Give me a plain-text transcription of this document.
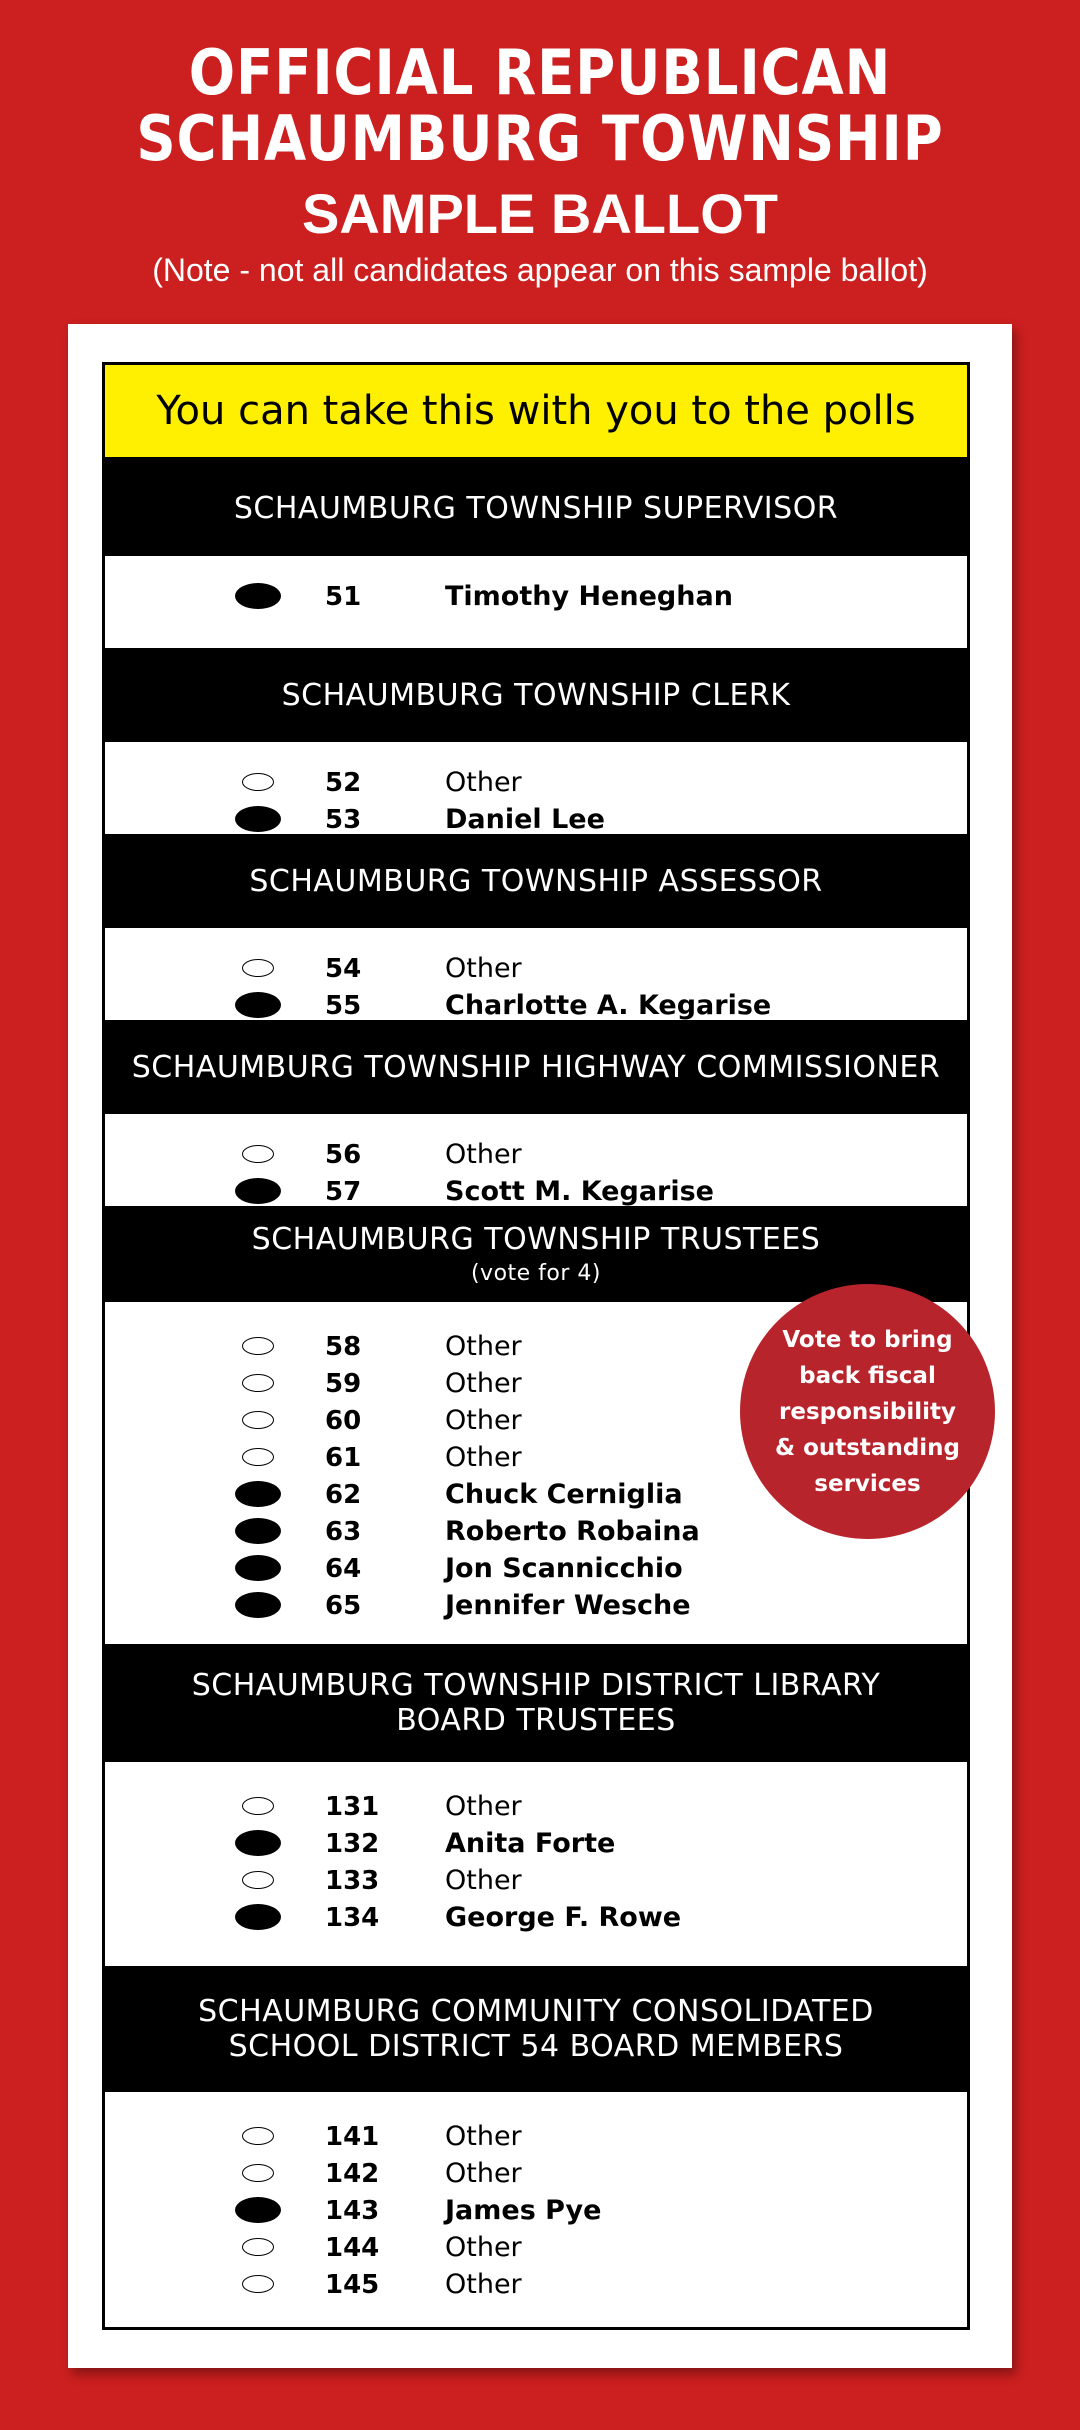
OFFICIAL REPUBLICAN
SCHAUMBURG TOWNSHIP
SAMPLE BALLOT
(Note - not all candidates appear on this sample ballot)
You can take this with you to the polls
SCHAUMBURG TOWNSHIP SUPERVISOR
51	Timothy Heneghan
SCHAUMBURG TOWNSHIP CLERK
52	Other
53	Daniel Lee
SCHAUMBURG TOWNSHIP ASSESSOR
54	Other
55	Charlotte A. Kegarise
SCHAUMBURG TOWNSHIP HIGHWAY COMMISSIONER
56	Other
57	Scott M. Kegarise
SCHAUMBURG TOWNSHIP TRUSTEES
(vote for 4)
58	Other
59	Other
60	Other
61	Other
62	Chuck Cerniglia
63	Roberto Robaina
64	Jon Scannicchio
65	Jennifer Wesche
SCHAUMBURG TOWNSHIP DISTRICT LIBRARY
BOARD TRUSTEES
131	Other
132	Anita Forte
133	Other
134	George F. Rowe
SCHAUMBURG COMMUNITY CONSOLIDATED
SCHOOL DISTRICT 54 BOARD MEMBERS
141	Other
142	Other
143	James Pye
144	Other
145	Other
Vote to bring back fiscal responsibility & outstanding services
